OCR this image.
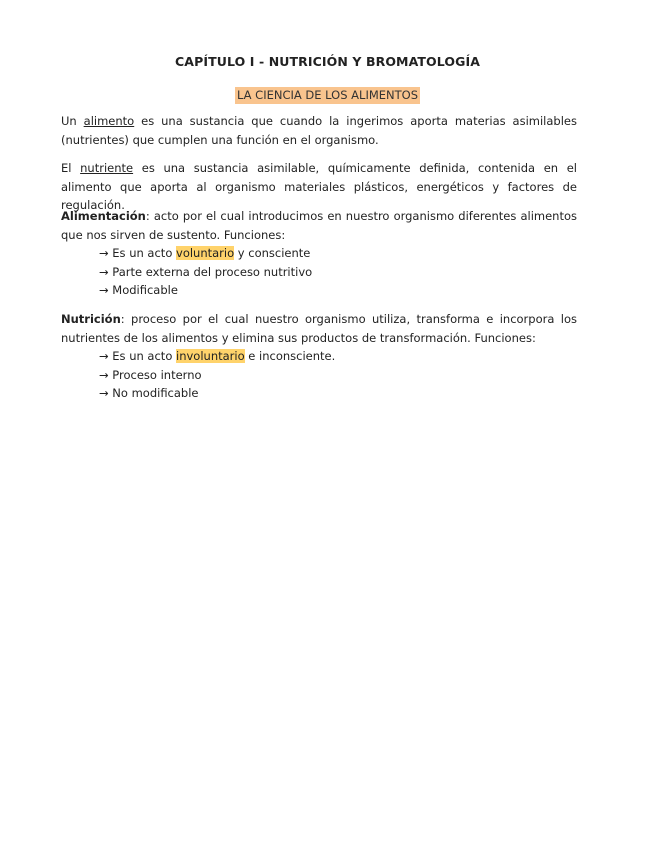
CAPÍTULO I - NUTRICIÓN Y BROMATOLOGÍA
LA CIENCIA DE LOS ALIMENTOS
Un alimento es una sustancia que cuando la ingerimos aporta materias asimilables (nutrientes) que cumplen una función en el organismo.
El nutriente es una sustancia asimilable, químicamente definida, contenida en el alimento que aporta al organismo materiales plásticos, energéticos y factores de regulación.
Alimentación: acto por el cual introducimos en nuestro organismo diferentes alimentos que nos sirven de sustento. Funciones:
→ Es un acto voluntario y consciente
→ Parte externa del proceso nutritivo
→ Modificable
Nutrición: proceso por el cual nuestro organismo utiliza, transforma e incorpora los nutrientes de los alimentos y elimina sus productos de transformación. Funciones:
→ Es un acto involuntario e inconsciente.
→ Proceso interno
→ No modificable
